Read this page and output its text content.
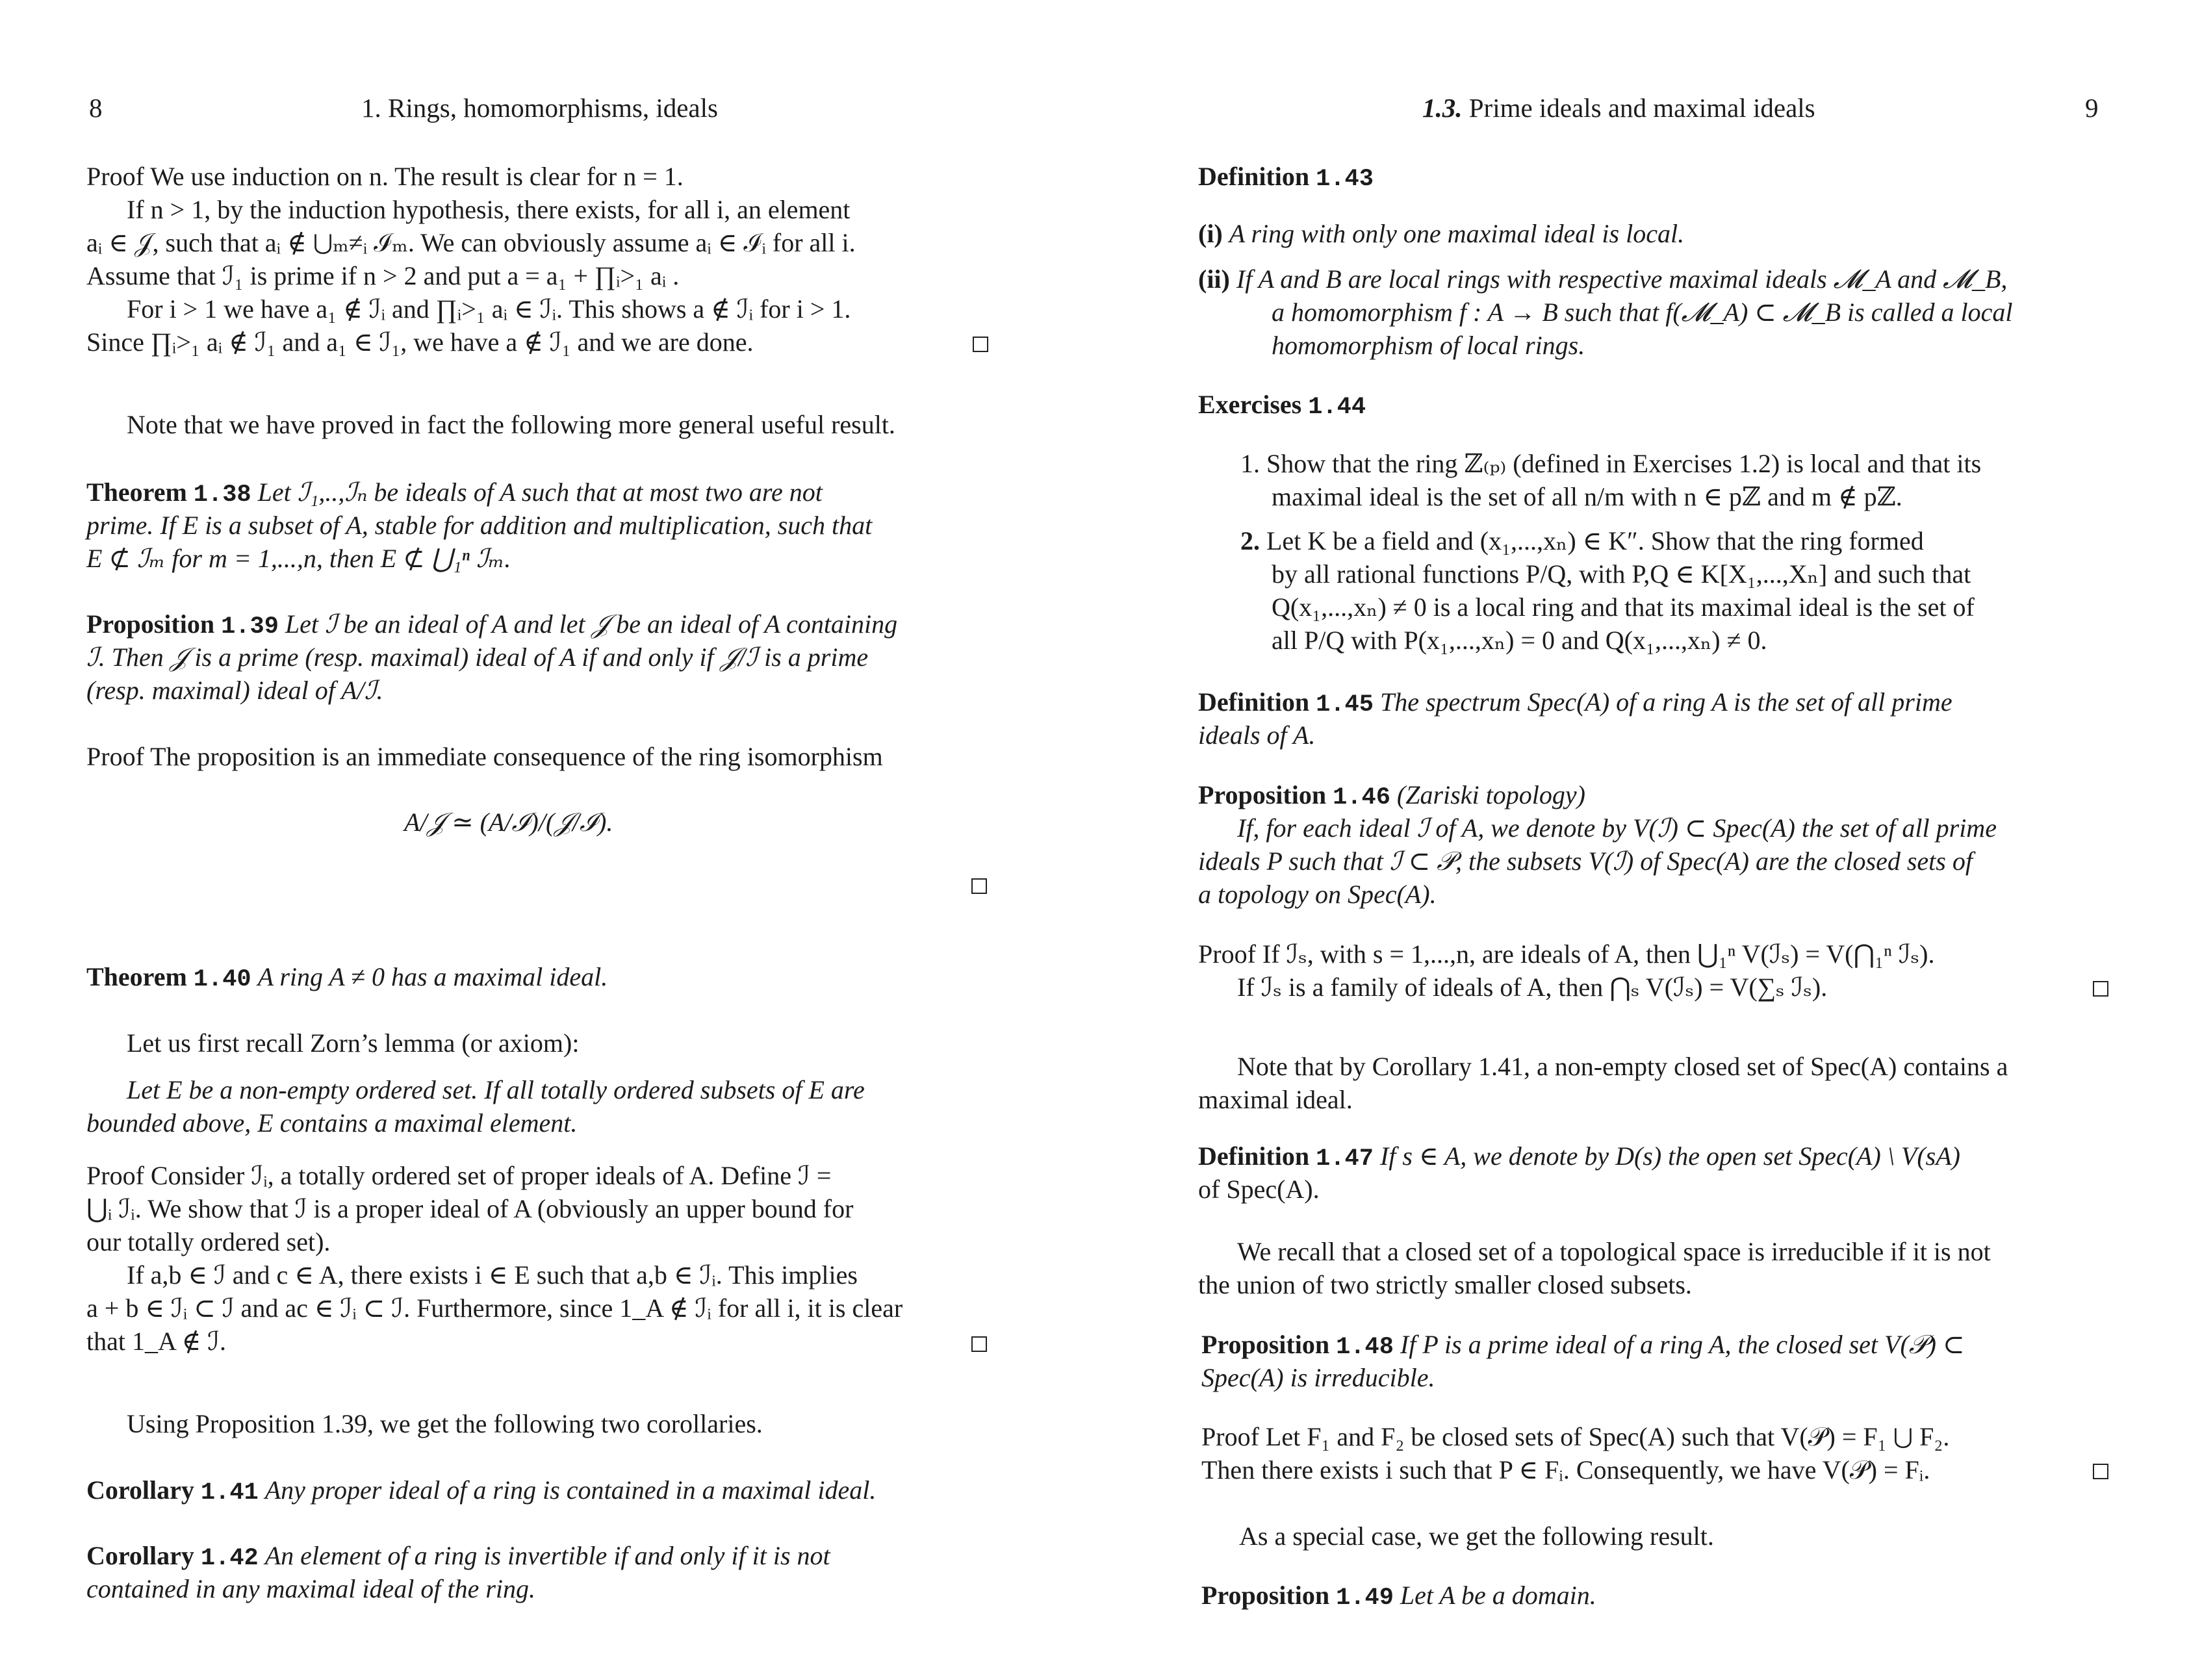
8	1. Rings, homomorphisms, ideals
Proof We use induction on n. The result is clear for n = 1.
If n > 1, by the induction hypothesis, there exists, for all i, an element
aᵢ ∈ 𝒥, such that aᵢ ∉ ⋃ₘ≠ᵢ ℐₘ. We can obviously assume aᵢ ∈ ℐᵢ for all i.
Assume that ℐ₁ is prime if n > 2 and put a = a₁ + ∏ᵢ>₁ aᵢ .
For i > 1 we have a₁ ∉ ℐᵢ and ∏ᵢ>₁ aᵢ ∈ ℐᵢ. This shows a ∉ ℐᵢ for i > 1.
Since ∏ᵢ>₁ aᵢ ∉ ℐ₁ and a₁ ∈ ℐ₁, we have a ∉ ℐ₁ and we are done.
Note that we have proved in fact the following more general useful result.
Theorem 1.38 Let ℐ₁,..,ℐₙ be ideals of A such that at most two are not
prime. If E is a subset of A, stable for addition and multiplication, such that
E ⊄ ℐₘ for m = 1,...,n, then E ⊄ ⋃₁ⁿ ℐₘ.
Proposition 1.39 Let ℐ be an ideal of A and let 𝒥 be an ideal of A containing
ℐ. Then 𝒥 is a prime (resp. maximal) ideal of A if and only if 𝒥/ℐ is a prime
(resp. maximal) ideal of A/ℐ.
Proof The proposition is an immediate consequence of the ring isomorphism
A/𝒥 ≃ (A/ℐ)/(𝒥/ℐ).
Theorem 1.40 A ring A ≠ 0 has a maximal ideal.
Let us first recall Zorn’s lemma (or axiom):
Let E be a non-empty ordered set. If all totally ordered subsets of E are
bounded above, E contains a maximal element.
Proof Consider ℐᵢ, a totally ordered set of proper ideals of A. Define ℐ =
⋃ᵢ ℐᵢ. We show that ℐ is a proper ideal of A (obviously an upper bound for
our totally ordered set).
If a,b ∈ ℐ and c ∈ A, there exists i ∈ E such that a,b ∈ ℐᵢ. This implies
a + b ∈ ℐᵢ ⊂ ℐ and ac ∈ ℐᵢ ⊂ ℐ. Furthermore, since 1_A ∉ ℐᵢ for all i, it is clear
that 1_A ∉ ℐ.
Using Proposition 1.39, we get the following two corollaries.
Corollary 1.41 Any proper ideal of a ring is contained in a maximal ideal.
Corollary 1.42 An element of a ring is invertible if and only if it is not
contained in any maximal ideal of the ring.
1.3. Prime ideals and maximal ideals	9
Definition 1.43
(i) A ring with only one maximal ideal is local.
(ii) If A and B are local rings with respective maximal ideals 𝓜_A and 𝓜_B,
a homomorphism f : A → B such that f(𝓜_A) ⊂ 𝓜_B is called a local
homomorphism of local rings.
Exercises 1.44
1. Show that the ring ℤ₍ₚ₎ (defined in Exercises 1.2) is local and that its
maximal ideal is the set of all n/m with n ∈ pℤ and m ∉ pℤ.
2. Let K be a field and (x₁,...,xₙ) ∈ K″. Show that the ring formed
by all rational functions P/Q, with P,Q ∈ K[X₁,...,Xₙ] and such that
Q(x₁,...,xₙ) ≠ 0 is a local ring and that its maximal ideal is the set of
all P/Q with P(x₁,...,xₙ) = 0 and Q(x₁,...,xₙ) ≠ 0.
Definition 1.45 The spectrum Spec(A) of a ring A is the set of all prime
ideals of A.
Proposition 1.46 (Zariski topology)
If, for each ideal ℐ of A, we denote by V(ℐ) ⊂ Spec(A) the set of all prime
ideals P such that ℐ ⊂ 𝒫, the subsets V(ℐ) of Spec(A) are the closed sets of
a topology on Spec(A).
Proof If ℐₛ, with s = 1,...,n, are ideals of A, then ⋃₁ⁿ V(ℐₛ) = V(⋂₁ⁿ ℐₛ).
If ℐₛ is a family of ideals of A, then ⋂ₛ V(ℐₛ) = V(∑ₛ ℐₛ).
Note that by Corollary 1.41, a non-empty closed set of Spec(A) contains a
maximal ideal.
Definition 1.47 If s ∈ A, we denote by D(s) the open set Spec(A) \ V(sA)
of Spec(A).
We recall that a closed set of a topological space is irreducible if it is not
the union of two strictly smaller closed subsets.
Proposition 1.48 If P is a prime ideal of a ring A, the closed set V(𝒫) ⊂
Spec(A) is irreducible.
Proof Let F₁ and F₂ be closed sets of Spec(A) such that V(𝒫) = F₁ ⋃ F₂.
Then there exists i such that P ∈ Fᵢ. Consequently, we have V(𝒫) = Fᵢ.
As a special case, we get the following result.
Proposition 1.49 Let A be a domain.
